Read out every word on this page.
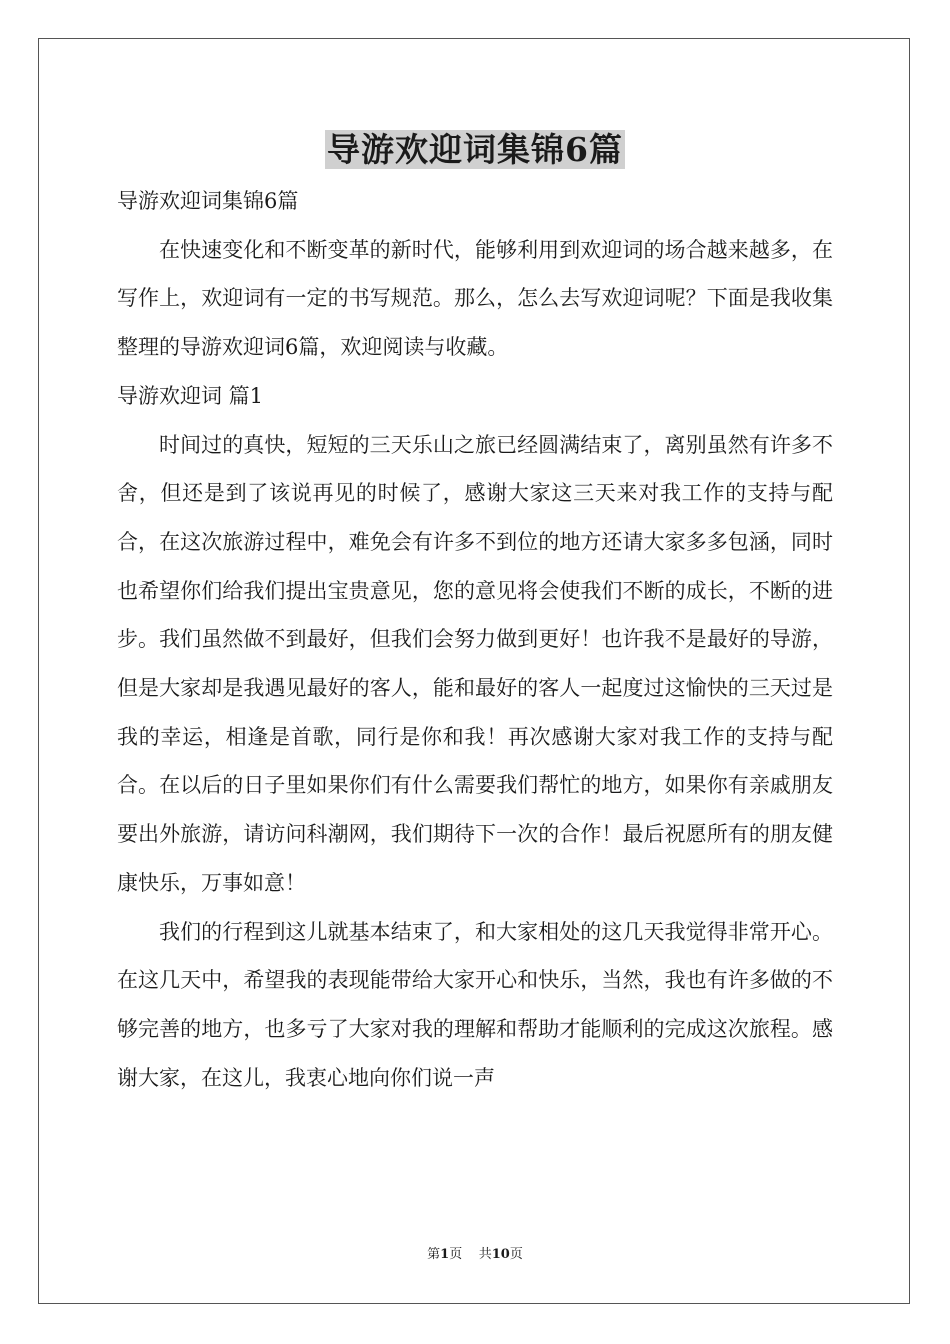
导游欢迎词集锦6篇

导游欢迎词集锦6篇

在快速变化和不断变革的新时代，能够利用到欢迎词的场合越来越多，在写作上，欢迎词有一定的书写规范。那么，怎么去写欢迎词呢？下面是我收集整理的导游欢迎词6篇，欢迎阅读与收藏。

导游欢迎词 篇1

时间过的真快，短短的三天乐山之旅已经圆满结束了，离别虽然有许多不舍，但还是到了该说再见的时候了，感谢大家这三天来对我工作的支持与配合，在这次旅游过程中，难免会有许多不到位的地方还请大家多多包涵，同时也希望你们给我们提出宝贵意见，您的意见将会使我们不断的成长，不断的进步。我们虽然做不到最好，但我们会努力做到更好！也许我不是最好的导游，但是大家却是我遇见最好的客人，能和最好的客人一起度过这愉快的三天过是我的幸运，相逢是首歌，同行是你和我！再次感谢大家对我工作的支持与配合。在以后的日子里如果你们有什么需要我们帮忙的地方，如果你有亲戚朋友要出外旅游，请访问科潮网，我们期待下一次的合作！最后祝愿所有的朋友健康快乐，万事如意！

我们的行程到这儿就基本结束了，和大家相处的这几天我觉得非常开心。在这几天中，希望我的表现能带给大家开心和快乐，当然，我也有许多做的不够完善的地方，也多亏了大家对我的理解和帮助才能顺利的完成这次旅程。感谢大家，在这儿，我衷心地向你们说一声

第1页 共10页
